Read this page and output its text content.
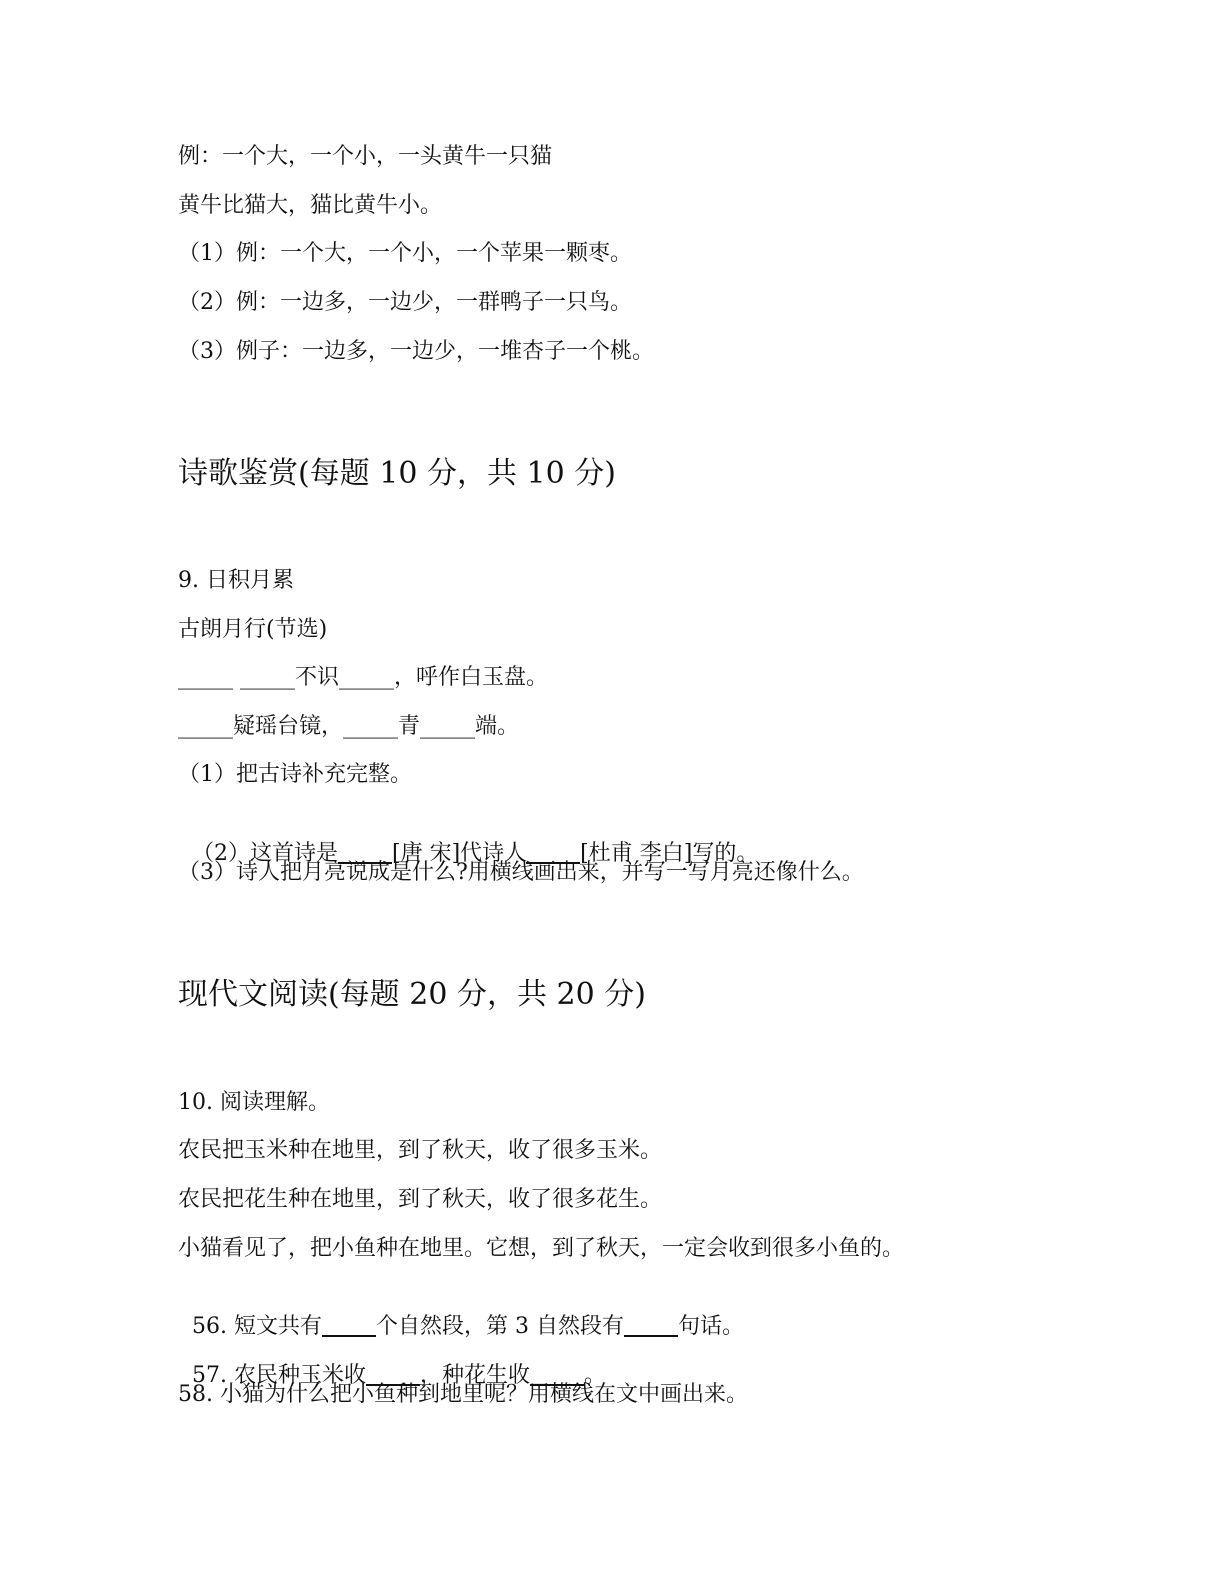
例：一个大，一个小，一头黄牛一只猫
黄牛比猫大，猫比黄牛小。
（1）例：一个大，一个小，一个苹果一颗枣。
（2）例：一边多，一边少，一群鸭子一只鸟。
（3）例子：一边多，一边少，一堆杏子一个桃。
诗歌鉴赏(每题 10 分，共 10 分)
9. 日积月累
古朗月行(节选)
_____ _____不识_____，呼作白玉盘。
_____疑瑶台镜，_____青_____端。
（1）把古诗补充完整。

（2）这首诗是 [唐 宋]代诗人 [杜甫 李白]写的。

（3）诗人把月亮说成是什么?用横线画出来，并写一写月亮还像什么。
现代文阅读(每题 20 分，共 20 分)
10. 阅读理解。
农民把玉米种在地里，到了秋天，收了很多玉米。
农民把花生种在地里，到了秋天，收了很多花生。
小猫看见了，把小鱼种在地里。它想，到了秋天，一定会收到很多小鱼的。

56. 短文共有 个自然段，第 3 自然段有 句话。

57. 农民种玉米收 ，种花生收 。

58. 小猫为什么把小鱼种到地里呢？用横线在文中画出来。
